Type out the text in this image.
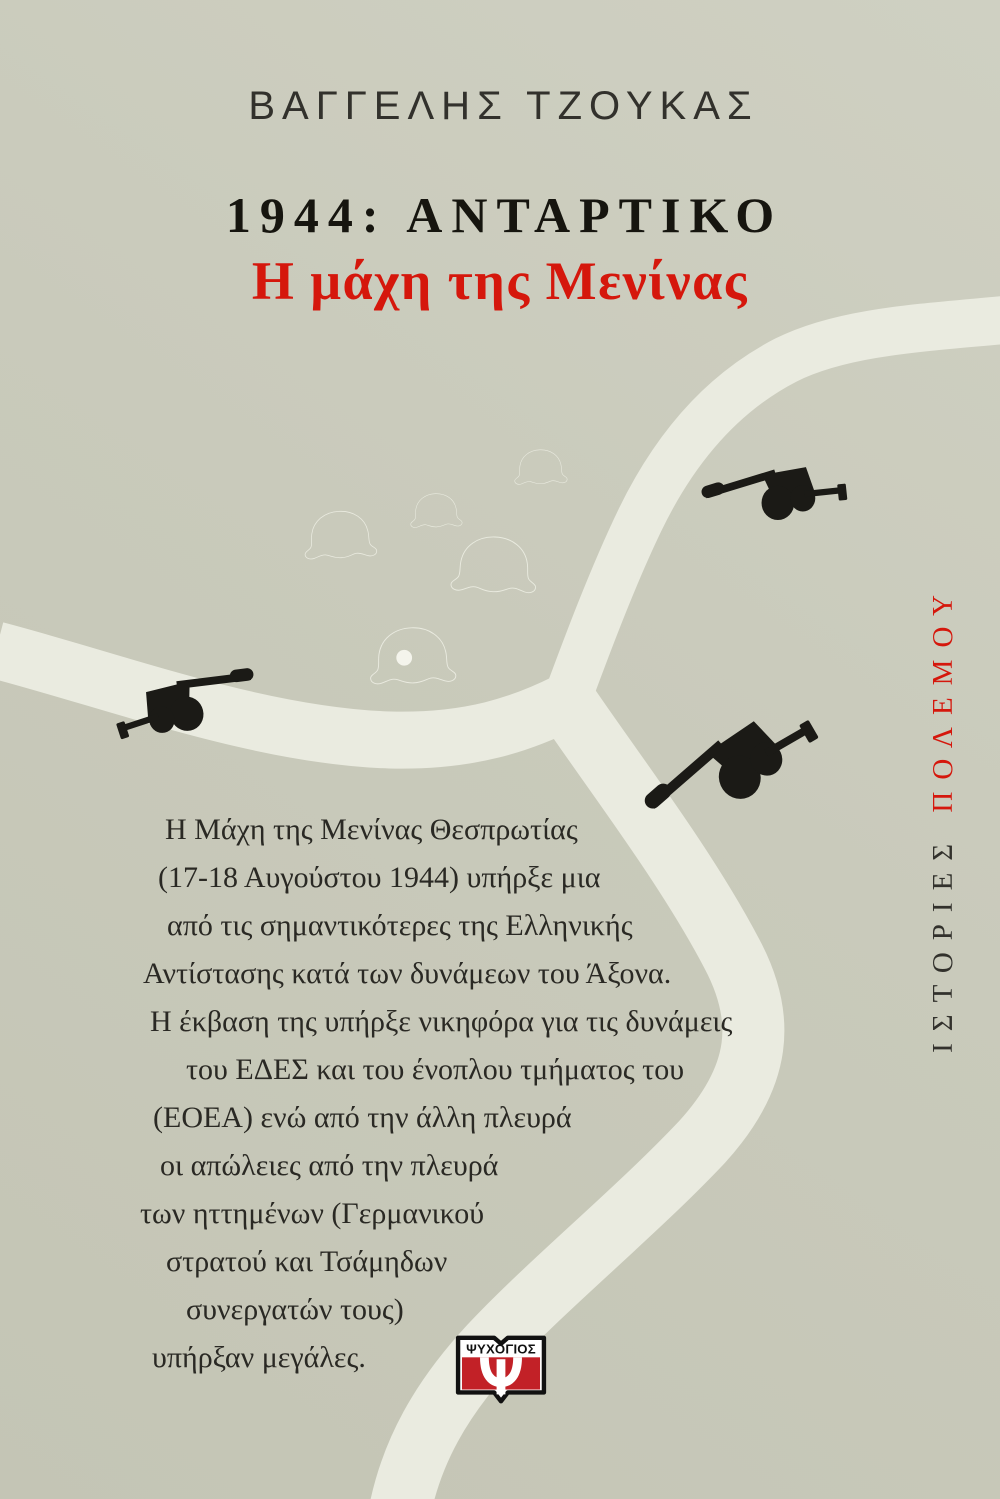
ΒΑΓΓΕΛΗΣ ΤΖΟΥΚΑΣ
1944: ΑΝΤΑΡΤΙΚΟ
Η μάχη της Μενίνας
Η Μάχη της Μενίνας Θεσπρωτίας
(17-18 Αυγούστου 1944) υπήρξε μια
από τις σημαντικότερες της Ελληνικής
Αντίστασης κατά των δυνάμεων του Άξονα.
Η έκβαση της υπήρξε νικηφόρα για τις δυνάμεις
του ΕΔΕΣ και του ένοπλου τμήματος του
(ΕΟΕΑ) ενώ από την άλλη πλευρά
οι απώλειες από την πλευρά
των ηττημένων (Γερμανικού
στρατού και Τσάμηδων
συνεργατών τους)
υπήρξαν μεγάλες.
ΙΣΤΟΡΙΕΣ ΠΟΛΕΜΟΥ
ΨΥΧΟΓΙΟΣ
